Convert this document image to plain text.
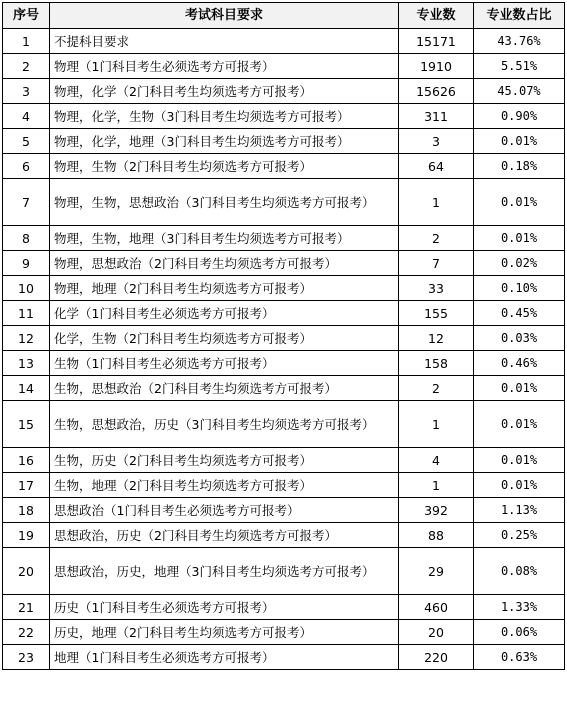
序号	考试科目要求	专业数	专业数占比
1	不提科目要求	15171	43.76%
2	物理（1门科目考生必须选考方可报考）	1910	5.51%
3	物理，化学（2门科目考生均须选考方可报考）	15626	45.07%
4	物理，化学，生物（3门科目考生均须选考方可报考）	311	0.90%
5	物理，化学，地理（3门科目考生均须选考方可报考）	3	0.01%
6	物理，生物（2门科目考生均须选考方可报考）	64	0.18%
7	物理，生物，思想政治（3门科目考生均须选考方可报考）	1	0.01%
8	物理，生物，地理（3门科目考生均须选考方可报考）	2	0.01%
9	物理，思想政治（2门科目考生均须选考方可报考）	7	0.02%
10	物理，地理（2门科目考生均须选考方可报考）	33	0.10%
11	化学（1门科目考生必须选考方可报考）	155	0.45%
12	化学，生物（2门科目考生均须选考方可报考）	12	0.03%
13	生物（1门科目考生必须选考方可报考）	158	0.46%
14	生物，思想政治（2门科目考生均须选考方可报考）	2	0.01%
15	生物，思想政治，历史（3门科目考生均须选考方可报考）	1	0.01%
16	生物，历史（2门科目考生均须选考方可报考）	4	0.01%
17	生物，地理（2门科目考生均须选考方可报考）	1	0.01%
18	思想政治（1门科目考生必须选考方可报考）	392	1.13%
19	思想政治，历史（2门科目考生均须选考方可报考）	88	0.25%
20	思想政治，历史，地理（3门科目考生均须选考方可报考）	29	0.08%
21	历史（1门科目考生必须选考方可报考）	460	1.33%
22	历史，地理（2门科目考生均须选考方可报考）	20	0.06%
23	地理（1门科目考生必须选考方可报考）	220	0.63%
